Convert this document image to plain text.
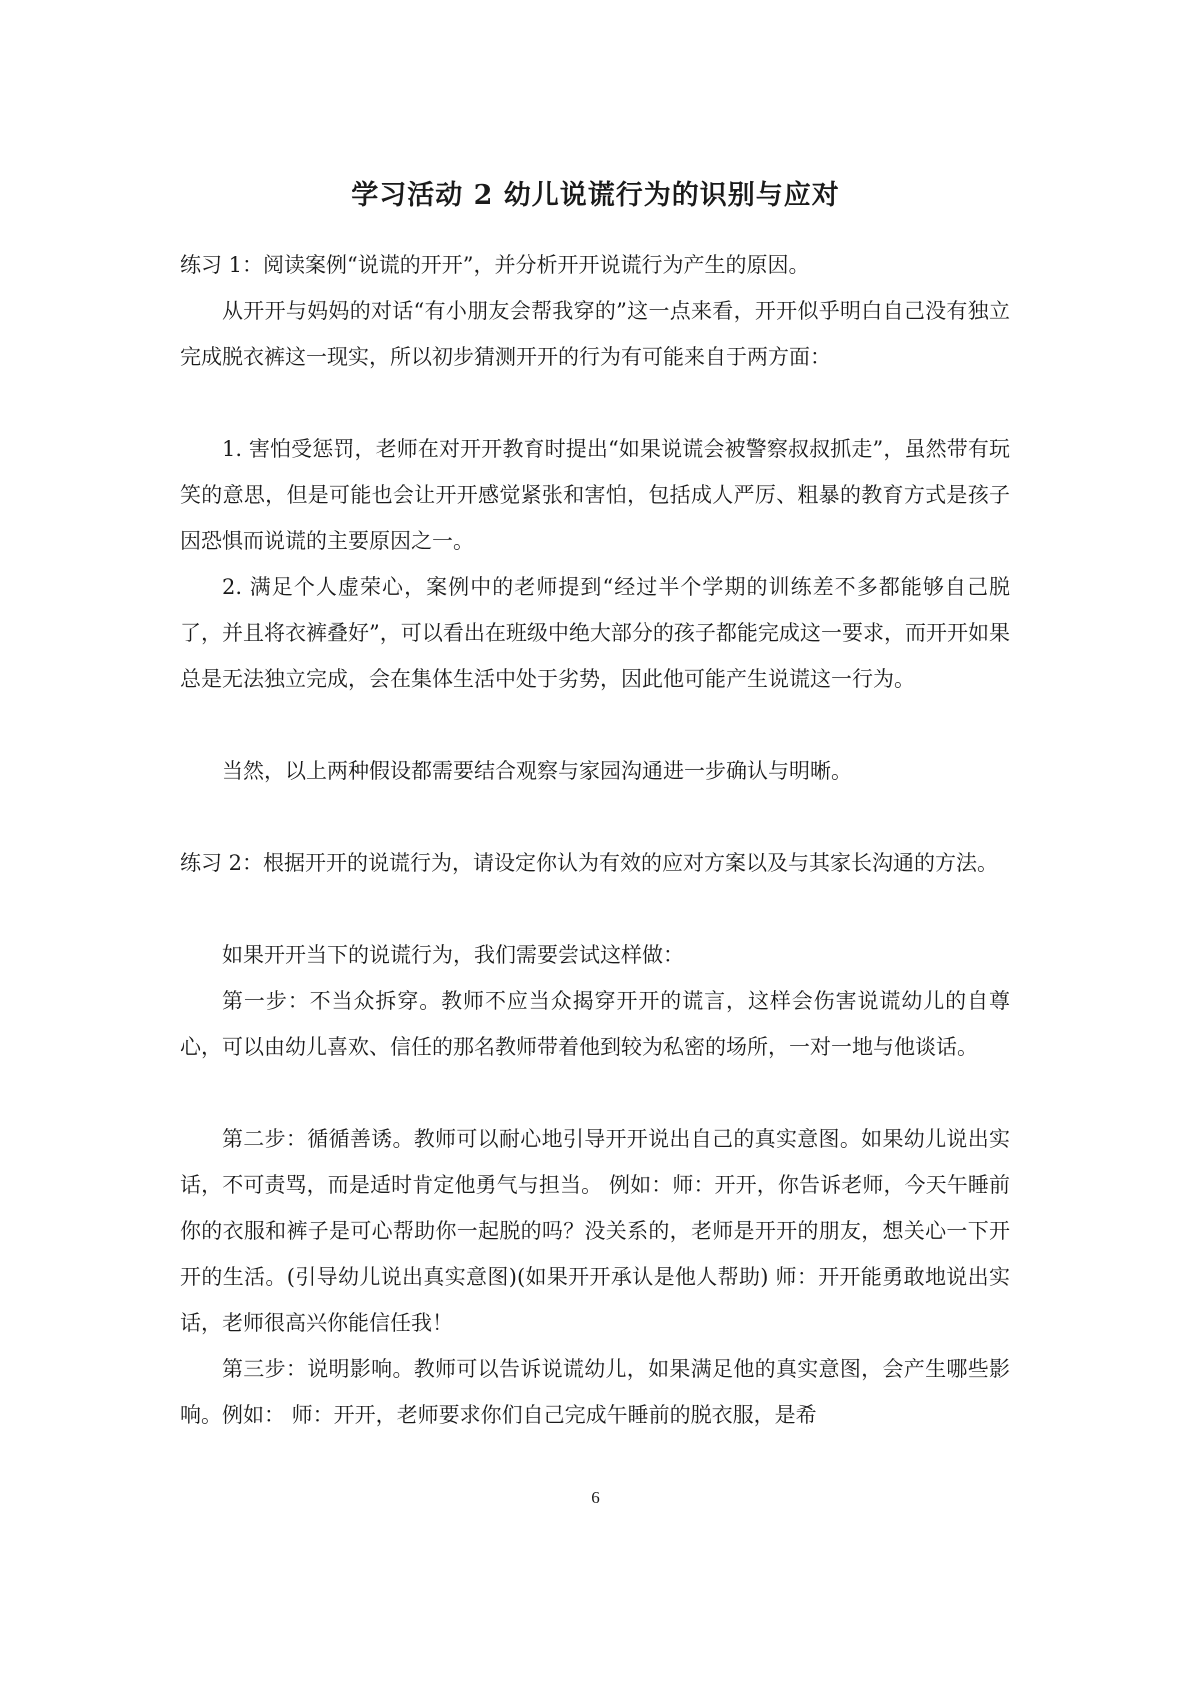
学习活动 2 幼儿说谎行为的识别与应对

练习 1：阅读案例“说谎的开开”，并分析开开说谎行为产生的原因。

从开开与妈妈的对话“有小朋友会帮我穿的”这一点来看，开开似乎明白自己没有独立完成脱衣裤这一现实，所以初步猜测开开的行为有可能来自于两方面：

1. 害怕受惩罚，老师在对开开教育时提出“如果说谎会被警察叔叔抓走”，虽然带有玩笑的意思，但是可能也会让开开感觉紧张和害怕，包括成人严厉、粗暴的教育方式是孩子因恐惧而说谎的主要原因之一。

2. 满足个人虚荣心，案例中的老师提到“经过半个学期的训练差不多都能够自己脱了，并且将衣裤叠好”，可以看出在班级中绝大部分的孩子都能完成这一要求，而开开如果总是无法独立完成，会在集体生活中处于劣势，因此他可能产生说谎这一行为。

当然，以上两种假设都需要结合观察与家园沟通进一步确认与明晰。

练习 2：根据开开的说谎行为，请设定你认为有效的应对方案以及与其家长沟通的方法。

如果开开当下的说谎行为，我们需要尝试这样做：

第一步：不当众拆穿。教师不应当众揭穿开开的谎言，这样会伤害说谎幼儿的自尊心，可以由幼儿喜欢、信任的那名教师带着他到较为私密的场所，一对一地与他谈话。

第二步：循循善诱。教师可以耐心地引导开开说出自己的真实意图。如果幼儿说出实话，不可责骂，而是适时肯定他勇气与担当。 例如：师：开开，你告诉老师，今天午睡前你的衣服和裤子是可心帮助你一起脱的吗？没关系的，老师是开开的朋友，想关心一下开开的生活。(引导幼儿说出真实意图)(如果开开承认是他人帮助) 师：开开能勇敢地说出实话，老师很高兴你能信任我！

第三步：说明影响。教师可以告诉说谎幼儿，如果满足他的真实意图，会产生哪些影响。例如： 师：开开，老师要求你们自己完成午睡前的脱衣服，是希

6
